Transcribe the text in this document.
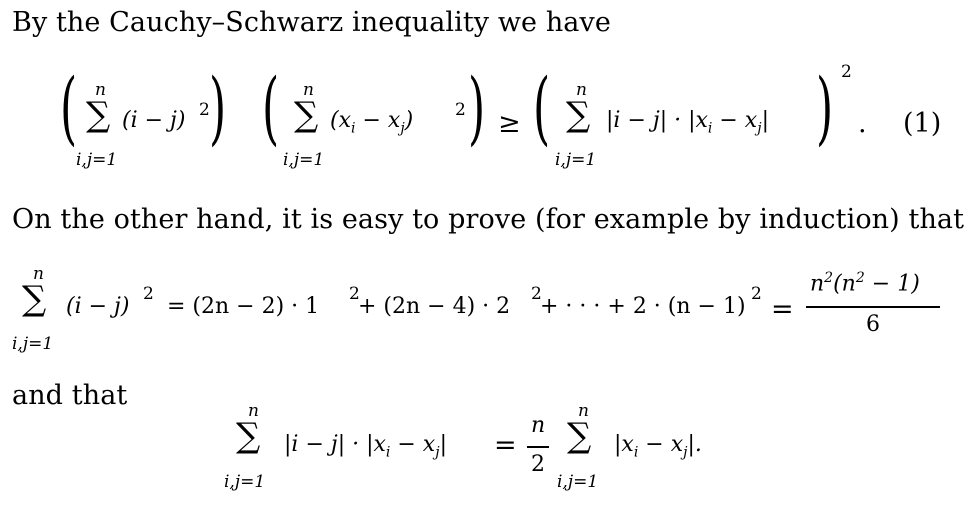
By the Cauchy–Schwarz inequality we have
( n
∑
i,j=1
(i − j) 2 ) ( n
∑
i,j=1
$(x_i - x_j)$ 2 ) ≥ ( n
∑
i,j=1
$|i - j| \cdot |x_i - x_j|$ ) 2
. (1)
On the other hand, it is easy to prove (for example by induction) that
n
∑
i,j=1
(i − j) 2 = (2n − 2) · 1 2
+ (2n − 4) · 2 2
+ · · · + 2 · (n − 1) 2 =
$n^2(n^2 - 1)$
6
and that	n
∑
i,j=1
$|i - j| \cdot |x_i - x_j|$ =
n
2
n
∑
i,j=1
$|x_i - x_j|$.
